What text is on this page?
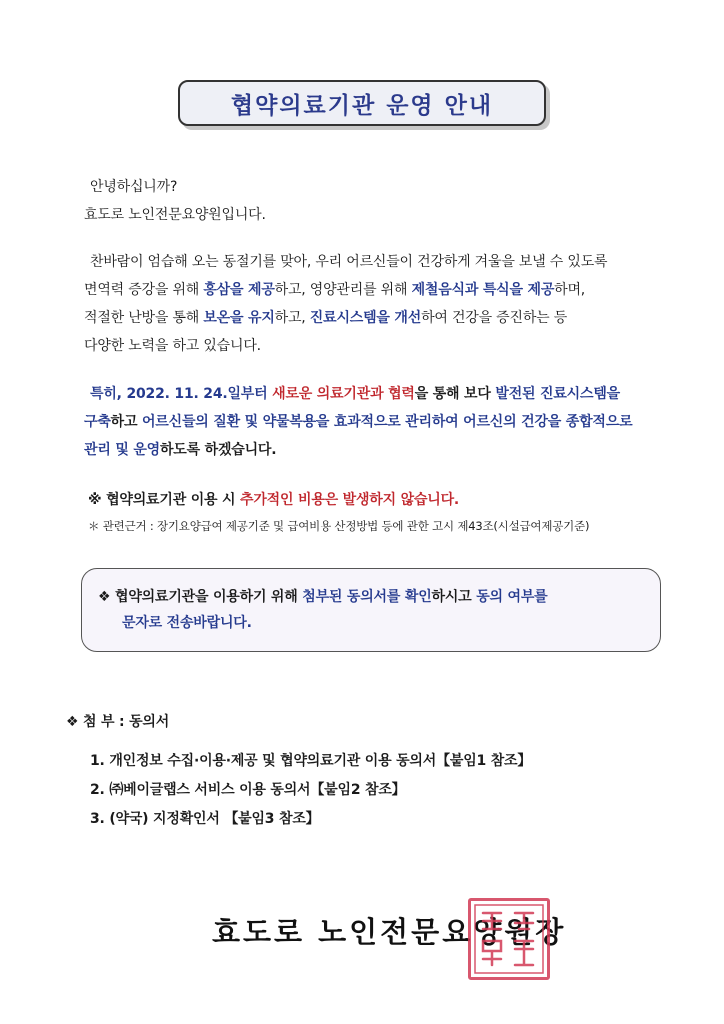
협약의료기관 운영 안내
안녕하십니까?
효도로 노인전문요양원입니다.
찬바람이 엄습해 오는 동절기를 맞아, 우리 어르신들이 건강하게 겨울을 보낼 수 있도록
면역력 증강을 위해 홍삼을 제공하고, 영양관리를 위해 제철음식과 특식을 제공하며,
적절한 난방을 통해 보온을 유지하고, 진료시스템을 개선하여 건강을 증진하는 등
다양한 노력을 하고 있습니다.
특히, 2022. 11. 24.일부터 새로운 의료기관과 협력을 통해 보다 발전된 진료시스템을
구축하고 어르신들의 질환 및 약물복용을 효과적으로 관리하여 어르신의 건강을 종합적으로
관리 및 운영하도록 하겠습니다.
※ 협약의료기관 이용 시 추가적인 비용은 발생하지 않습니다.
＊ 관련근거 : 장기요양급여 제공기준 및 급여비용 산정방법 등에 관한 고시 제43조(시설급여제공기준)
❖ 협약의료기관을 이용하기 위해 첨부된 동의서를 확인하시고 동의 여부를
문자로 전송바랍니다.
❖ 첨 부 : 동의서
1. 개인정보 수집·이용·제공 및 협약의료기관 이용 동의서【붙임1 참조】
2. ㈜베이글랩스 서비스 이용 동의서【붙임2 참조】
3. (약국) 지정확인서 【붙임3 참조】
효도로 노인전문요양원장
